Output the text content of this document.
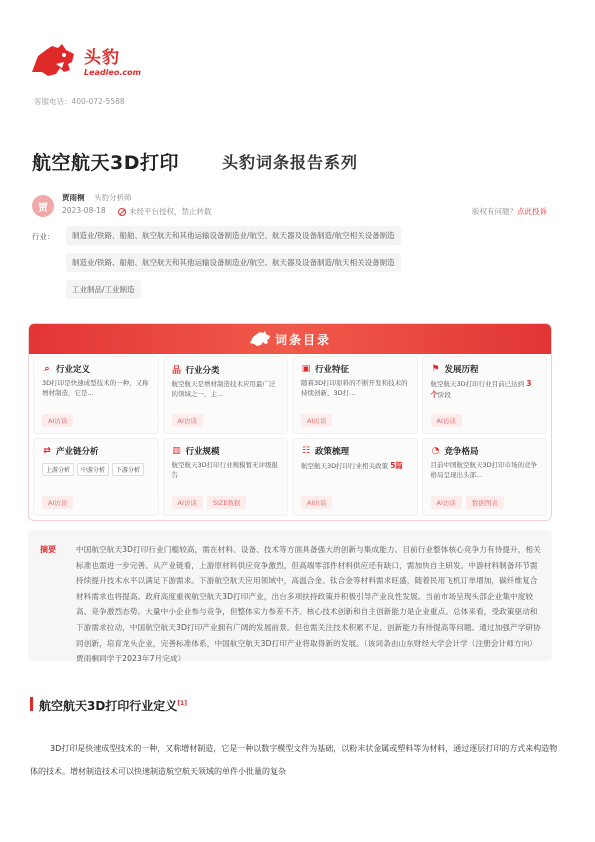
头豹
Leadleo.com
客服电话：400-072-5588
航空航天3D打印	头豹词条报告系列
贾
贾雨桐 头豹分析师
2023-08-18	未经平台授权，禁止转载	版权有问题？点此投诉
行业：	制造业/铁路、船舶、航空航天和其他运输设备制造业/航空、航天器及设备制造/航空相关设备制造
制造业/铁路、船舶、航空航天和其他运输设备制造业/航空、航天器及设备制造/航天相关设备制造
工业制品/工业制造
词条目录
⌕ 行业定义
3D打印是快速成型技术的一种，又称增材制造，它是...
AI访谈
品 行业分类
航空航天是增材制造技术应用最广泛的领域之一，主...
AI访谈
▣ 行业特征
随着3D打印原料的不断开发和技术的持续创新，3D打...
AI访谈
⚑ 发展历程
航空航天3D打印行业目前已达到 3个阶段
AI访谈
⇄ 产业链分析
上游分析	中游分析	下游分析
AI访谈
▥ 行业规模
航空航天3D打印行业规模暂无评级报告
AI访谈	SIZE数据
☷ 政策梳理
航空航天3D打印行业相关政策 5篇
AI访谈
◔ 竞争格局
目前中国航空航天3D打印市场的竞争格局呈现出头部...
AI访谈	数据图表
摘要	中国航空航天3D打印行业门槛较高，需在材料、设备、技术等方面具备强大的创新与集成能力。目前行业整体核心竞争力有待提升，相关标准也需进一步完善。从产业链看，上游原材料供应竞争激烈，但高端零部件材料供应还有缺口，需加快自主研发。中游材料制备环节需持续提升技术水平以满足下游需求。下游航空航天应用领域中，高温合金、钛合金等材料需求旺盛，随着民用飞机订单增加，碳纤维复合材料需求也将提高。政府高度重视航空航天3D打印产业，出台多项扶持政策并积极引导产业良性发展。当前市场呈现头部企业集中度较高、竞争激烈态势。大量中小企业参与竞争，但整体实力参差不齐。核心技术创新和自主创新能力是企业重点。总体来看，受政策驱动和下游需求拉动，中国航空航天3D打印产业拥有广阔的发展前景。但也需关注技术积累不足、创新能力有待提高等问题。通过加强产学研协同创新，培育龙头企业，完善标准体系，中国航空航天3D打印产业将取得新的发展。（该词条由山东财经大学会计学（注册会计师方向）贾雨桐同学于2023年7月完成）
航空航天3D打印行业定义[1]
3D打印是快速成型技术的一种，又称增材制造，它是一种以数字模型文件为基础，以粉末状金属或塑料等为材料，通过逐层打印的方式来构造物体的技术。增材制造技术可以快速制造航空航天领域的单件小批量的复杂
